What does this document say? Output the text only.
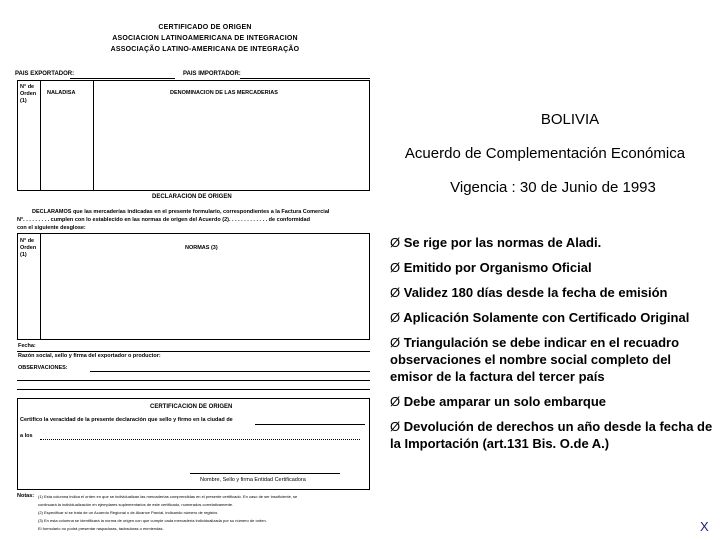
CERTIFICADO DE ORIGEN
ASOCIACION LATINOAMERICANA DE INTEGRACION
ASSOCIAÇÃO LATINO-AMERICANA DE INTEGRAÇÃO
PAIS EXPORTADOR:	PAIS IMPORTADOR:
N° de Orden (1)
NALADISA	DENOMINACION DE LAS MERCADERIAS
DECLARACION DE ORIGEN
DECLARAMOS que las mercaderías indicadas en el presente formulario, correspondientes a la Factura Comercial
N°. . . . . . . . . cumplen con lo establecido en las normas de origen del Acuerdo (2). . . . . . . . . . . . . de conformidad
con el siguiente desglose:
N° de Orden (1)
NORMAS (3)
Fecha:
Razón social, sello y firma del exportador o productor:
OBSERVACIONES:
CERTIFICACION DE ORIGEN
Certifico la veracidad de la presente declaración que sello y firmo en la ciudad de
a los
Nombre, Sello y firma Entidad Certificadora
Notas: (1) Esta columna indica el orden en que se individualizan las mercaderías comprendidas en el presente certificado. En caso de ser insuficiente, se
continuará la individualización en ejemplares suplementarios de este certificado, numerados correlativamente.
(2) Especificar si se trata de un Acuerdo Regional o de Alcance Parcial, indicando número de registro.
(3) En esta columna se identificará la norma de origen con que cumple cada mercadería individualizada por su número de orden.
El formulario no podrá presentar raspaduras, tachaduras o enmiendas.
BOLIVIA
Acuerdo de Complementación Económica
Vigencia : 30 de Junio de 1993
Ø Se rige por las normas de Aladi.
Ø Emitido por Organismo Oficial
Ø Validez 180 días desde la fecha de emisión
Ø Aplicación Solamente con Certificado Original
Ø Triangulación se debe indicar en el recuadro observaciones el nombre social completo del emisor de la factura del tercer país
Ø Debe amparar un solo embarque
Ø Devolución de derechos un año desde la fecha de la Importación (art.131 Bis. O.de A.)
X
